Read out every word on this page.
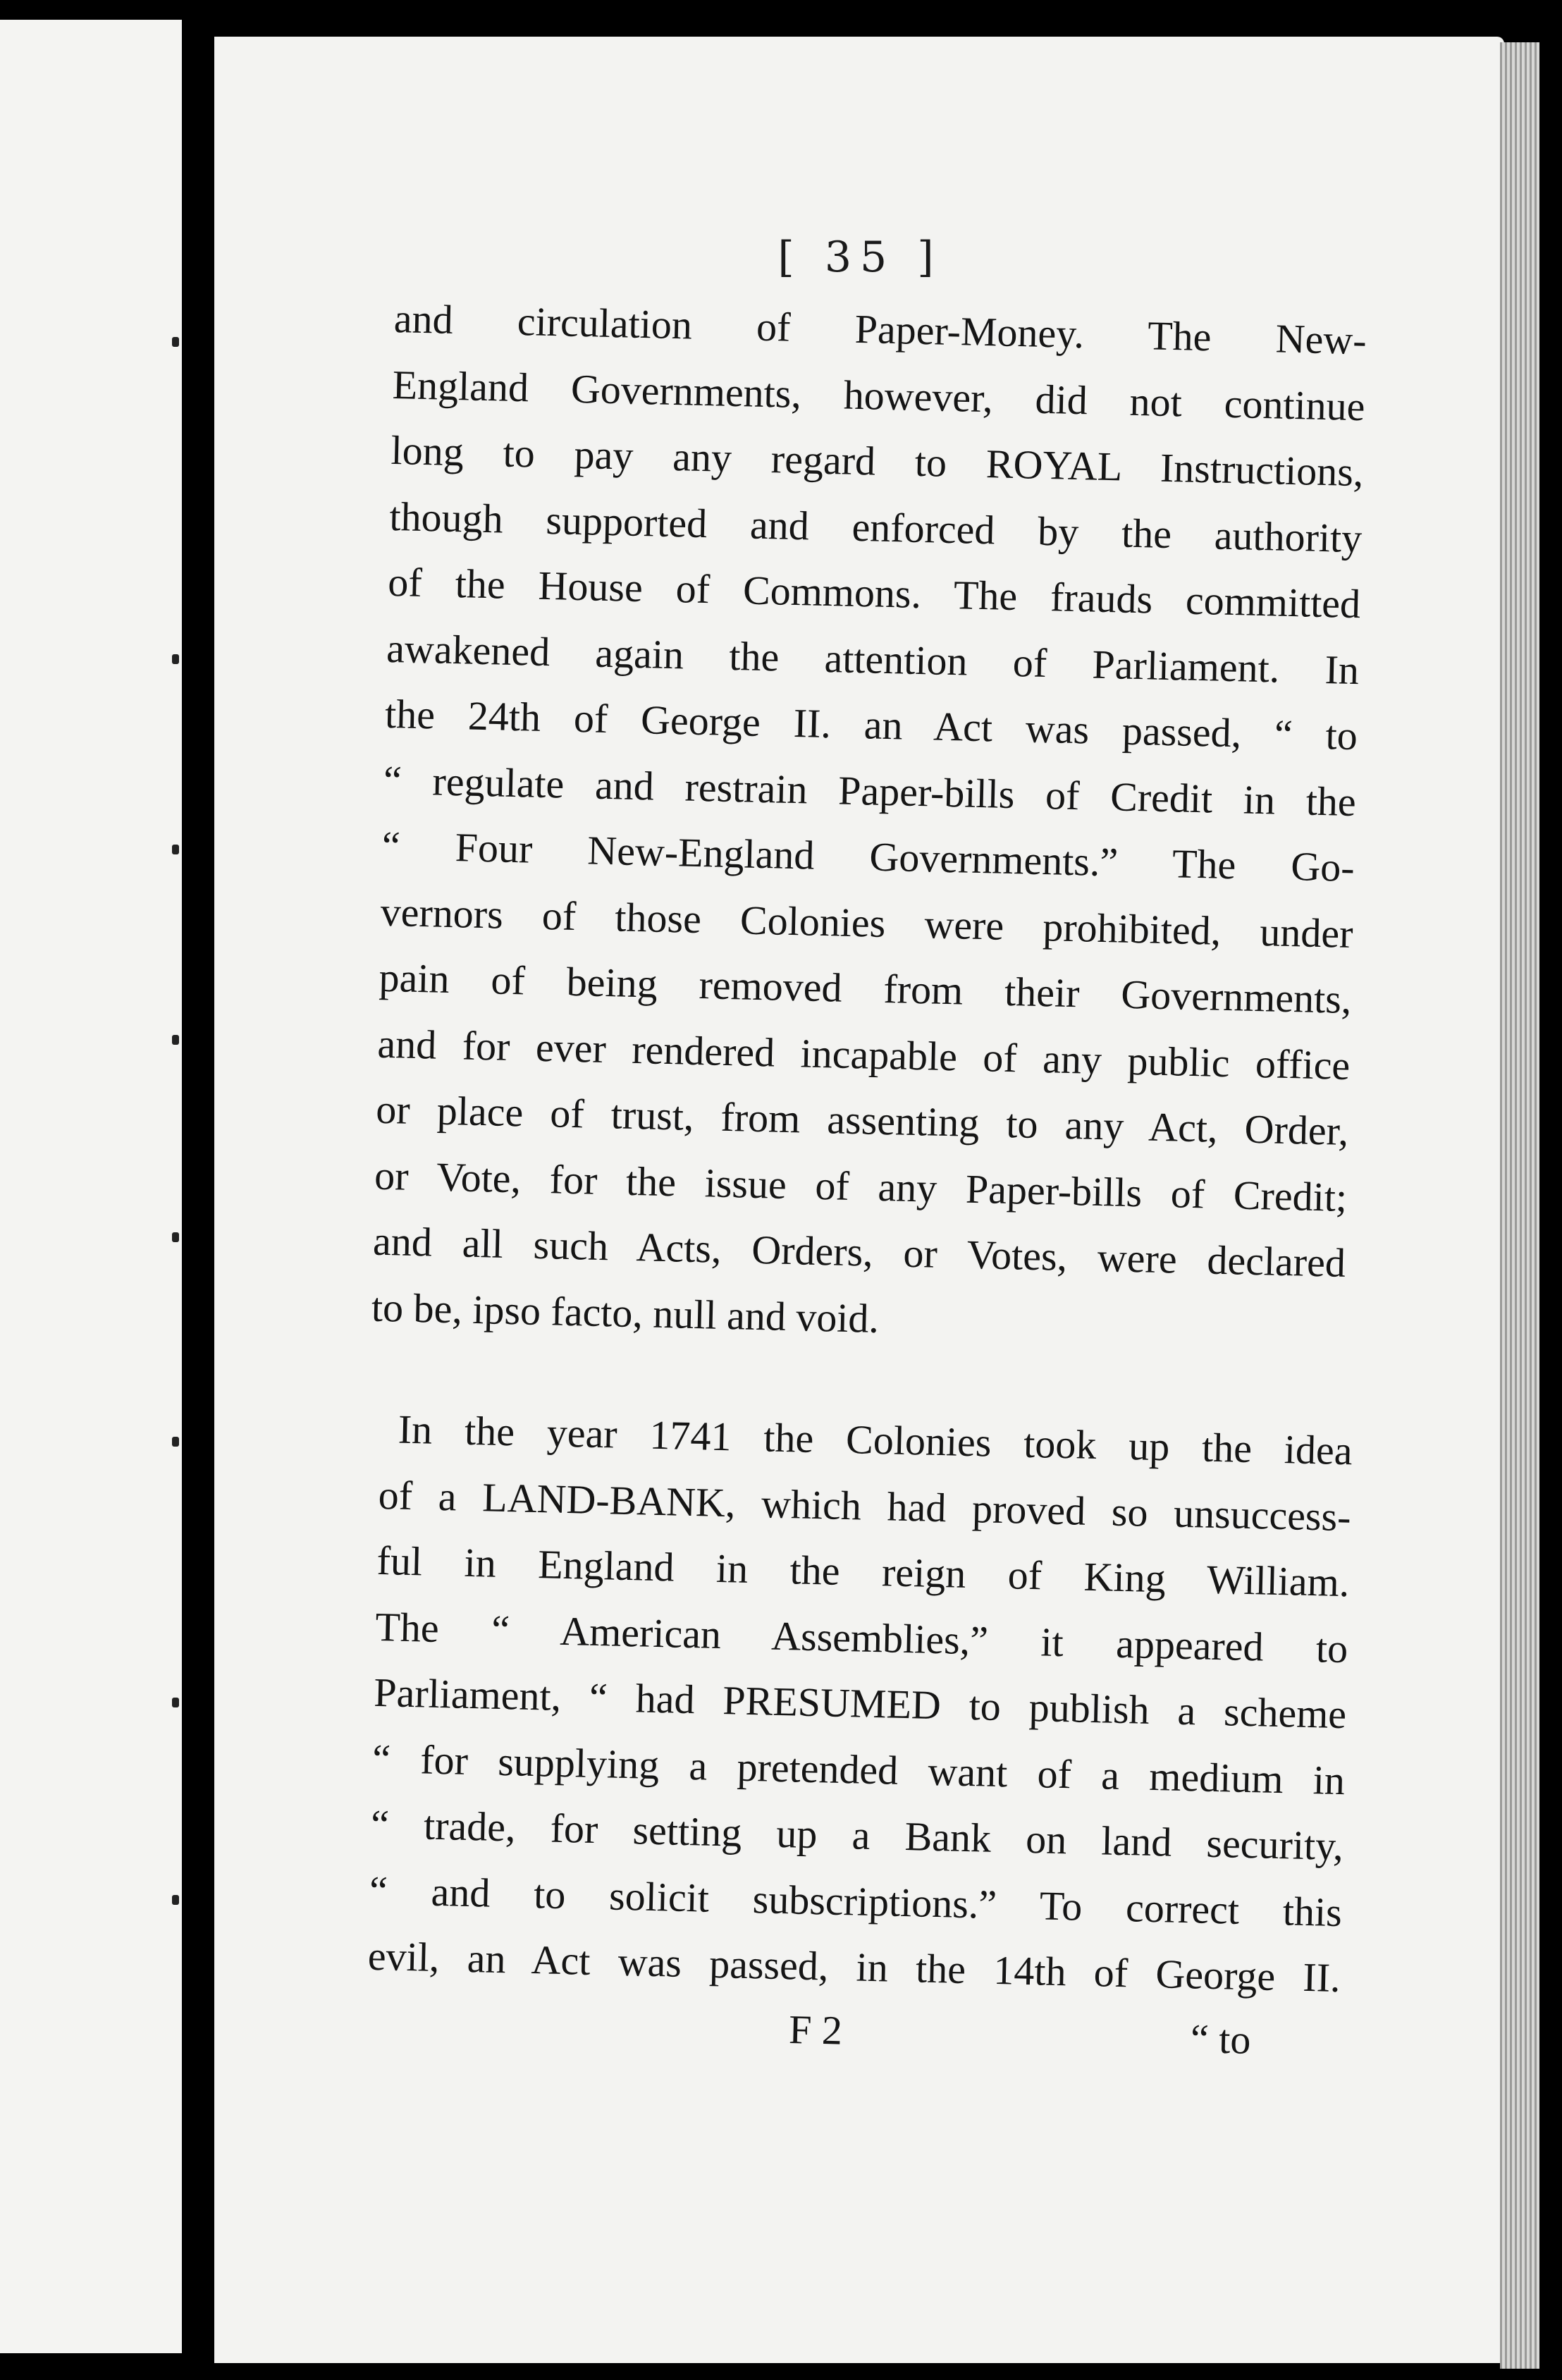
[ 35 ]
and circulation of Paper-Money. The New-
England Governments, however, did not continue
long to pay any regard to ROYAL Instructions,
though supported and enforced by the authority
of the House of Commons. The frauds committed
awakened again the attention of Parliament. In
the 24th of George II. an Act was passed, “ to
“ regulate and restrain Paper-bills of Credit in the
“ Four New-England Governments.” The Go-
vernors of those Colonies were prohibited, under
pain of being removed from their Governments,
and for ever rendered incapable of any public office
or place of trust, from assenting to any Act, Order,
or Vote, for the issue of any Paper-bills of Credit;
and all such Acts, Orders, or Votes, were declared
to be, ipso facto, null and void.
In the year 1741 the Colonies took up the idea
of a LAND-BANK, which had proved so unsuccess-
ful in England in the reign of King William.
The “ American Assemblies,” it appeared to
Parliament, “ had PRESUMED to publish a scheme
“ for supplying a pretended want of a medium in
“ trade, for setting up a Bank on land security,
“ and to solicit subscriptions.” To correct this
evil, an Act was passed, in the 14th of George II.
F 2	“ to
